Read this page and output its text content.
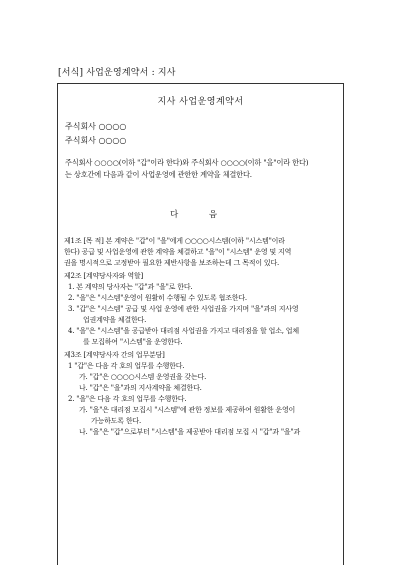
[서식] 사업운영계약서 : 지사
지사 사업운영계약서
주식회사 ○○○○
주식회사 ○○○○
주식회사 ○○○○(이하 "갑"이라 한다)와 주식회사 ○○○○(이하 "을"이라 한다)
는 상호간에 다음과 같이 사업운영에 관한한 계약을 체결한다.
다 음
제1조 [목 적] 본 계약은 "갑"이 "을"에게 ○○○○시스템(이하 "시스템"이라
한다) 공급 및 사업운영에 관한 계약을 체결하고 "을"이 "시스템" 운영 및 지역
권을 명시적으로 고정받아 필요한 제반사항을 보조하는데 그 목적이 있다.
제2조 [계약당사자와 역할]
1. 본 계약의 당사자는 "갑"과 "을"로 한다.
2. "을"은 "시스템"운영이 원활히 수행될 수 있도록 협조한다.
3. "갑"은 "시스템" 공급 및 사업 운영에 관한 사업권을 가지며 "을"과의 지사영
업권계약을 체결한다.
4. "을"은 "시스템"을 공급받아 대리점 사업권을 가지고 대리점을 할 업소, 업체
를 모집하여 "시스템"을 운영한다.
제3조 [계약당사자 간의 업무분담]
1 "갑"은 다음 각 호의 업무를 수행한다.
가. "갑"은 ○○○○시스템 운영권을 갖는다.
나. "갑"은 "을"과의 지사계약을 체결한다.
2. "을"은 다음 각 호의 업무를 수행한다.
가. "을"은 대리점 모집시 "시스템"에 관한 정보를 제공하여 원활한 운영이
가능하도록 한다.
나. "을"은 "갑"으로부터 "시스템"을 제공받아 대리점 모집 시 "갑"과 "을"과
